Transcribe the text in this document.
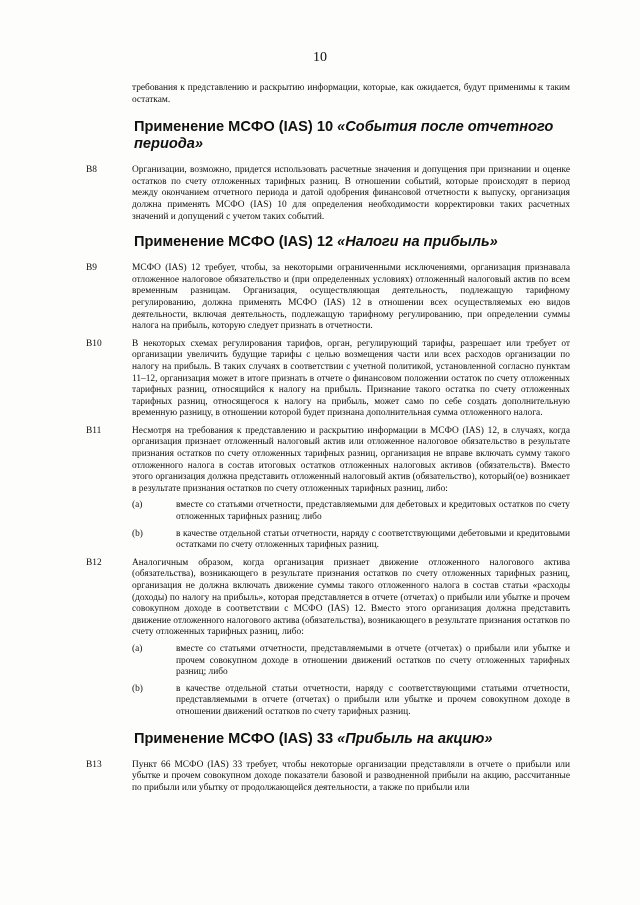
10

требования к представлению и раскрытию информации, которые, как ожидается, будут применимы к таким остаткам.

Применение МСФО (IAS) 10 «События после отчетного периода»
B8	Организации, возможно, придется использовать расчетные значения и допущения при признании и оценке остатков по счету отложенных тарифных разниц. В отношении событий, которые происходят в период между окончанием отчетного периода и датой одобрения финансовой отчетности к выпуску, организация должна применять МСФО (IAS) 10 для определения необходимости корректировки таких расчетных значений и допущений с учетом таких событий.

Применение МСФО (IAS) 12 «Налоги на прибыль»
B9	МСФО (IAS) 12 требует, чтобы, за некоторыми ограниченными исключениями, организация признавала отложенное налоговое обязательство и (при определенных условиях) отложенный налоговый актив по всем временным разницам. Организация, осуществляющая деятельность, подлежащую тарифному регулированию, должна применять МСФО (IAS) 12 в отношении всех осуществляемых ею видов деятельности, включая деятельность, подлежащую тарифному регулированию, при определении суммы налога на прибыль, которую следует признать в отчетности.

B10	В некоторых схемах регулирования тарифов, орган, регулирующий тарифы, разрешает или требует от организации увеличить будущие тарифы с целью возмещения части или всех расходов организации по налогу на прибыль. В таких случаях в соответствии с учетной политикой, установленной согласно пунктам 11–12, организация может в итоге признать в отчете о финансовом положении остаток по счету отложенных тарифных разниц, относящийся к налогу на прибыль. Признание такого остатка по счету отложенных тарифных разниц, относящегося к налогу на прибыль, может само по себе создать дополнительную временную разницу, в отношении которой будет признана дополнительная сумма отложенного налога.

B11	Несмотря на требования к представлению и раскрытию информации в МСФО (IAS) 12, в случаях, когда организация признает отложенный налоговый актив или отложенное налоговое обязательство в результате признания остатков по счету отложенных тарифных разниц, организация не вправе включать сумму такого отложенного налога в состав итоговых остатков отложенных налоговых активов (обязательств). Вместо этого организация должна представить отложенный налоговый актив (обязательство), который(ое) возникает в результате признания остатков по счету отложенных тарифных разниц, либо:

(a)	вместе со статьями отчетности, представляемыми для дебетовых и кредитовых остатков по счету отложенных тарифных разниц; либо

(b)	в качестве отдельной статьи отчетности, наряду с соответствующими дебетовыми и кредитовыми остатками по счету отложенных тарифных разниц.

B12	Аналогичным образом, когда организация признает движение отложенного налогового актива (обязательства), возникающего в результате признания остатков по счету отложенных тарифных разниц, организация не должна включать движение суммы такого отложенного налога в состав статьи «расходы (доходы) по налогу на прибыль», которая представляется в отчете (отчетах) о прибыли или убытке и прочем совокупном доходе в соответствии с МСФО (IAS) 12. Вместо этого организация должна представить движение отложенного налогового актива (обязательства), возникающего в результате признания остатков по счету отложенных тарифных разниц, либо:

(a)	вместе со статьями отчетности, представляемыми в отчете (отчетах) о прибыли или убытке и прочем совокупном доходе в отношении движений остатков по счету отложенных тарифных разниц; либо

(b)	в качестве отдельной статьи отчетности, наряду с соответствующими статьями отчетности, представляемыми в отчете (отчетах) о прибыли или убытке и прочем совокупном доходе в отношении движений остатков по счету тарифных разниц.

Применение МСФО (IAS) 33 «Прибыль на акцию»
B13	Пункт 66 МСФО (IAS) 33 требует, чтобы некоторые организации представляли в отчете о прибыли или убытке и прочем совокупном доходе показатели базовой и разводненной прибыли на акцию, рассчитанные по прибыли или убытку от продолжающейся деятельности, а также по прибыли или
